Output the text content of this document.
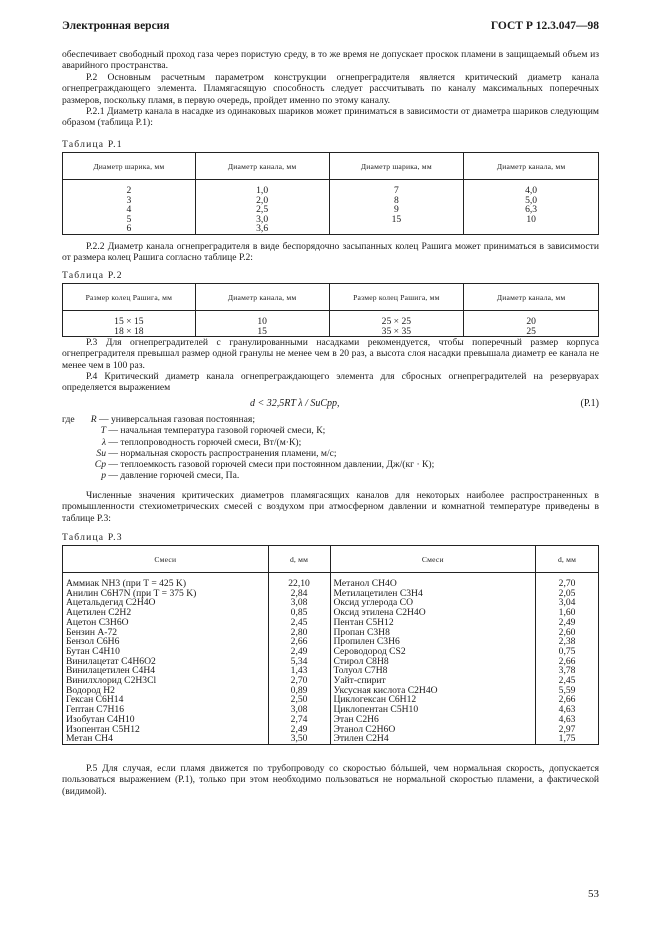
Электронная версия	ГОСТ Р 12.3.047—98
обеспечивает свободный проход газа через пористую среду, в то же время не допускает проскок пламени в защищаемый объем из аварийного пространства.
Р.2 Основным расчетным параметром конструкции огнепреградителя является критический диаметр канала огнепреграждающего элемента. Пламягасящую способность следует рассчитывать по каналу максимальных поперечных размеров, поскольку пламя, в первую очередь, пройдет именно по этому каналу.
Р.2.1 Диаметр канала в насадке из одинаковых шариков может приниматься в зависимости от диаметра шариков следующим образом (таблица Р.1):
Таблица Р.1
Диаметр шарика, мм	Диаметр канала, мм	Диаметр шарика, мм	Диаметр канала, мм
2	1,0	7	4,0
3	2,0	8	5,0
4	2,5	9	6,3
5	3,0	15	10
6	3,6		
Р.2.2 Диаметр канала огнепреградителя в виде беспорядочно засыпанных колец Рашига может приниматься в зависимости от размера колец Рашига согласно таблице Р.2:
Таблица Р.2
Размер колец Рашига, мм	Диаметр канала, мм	Размер колец Рашига, мм	Диаметр канала, мм
15 × 15	10	25 × 25	20
18 × 18	15	35 × 35	25
Р.3 Для огнепреградителей с гранулированными насадками рекомендуется, чтобы поперечный размер корпуса огнепреградителя превышал размер одной гранулы не менее чем в 20 раз, а высота слоя насадки превышала диаметр ее канала не менее чем в 100 раз.
Р.4 Критический диаметр канала огнепреграждающего элемента для сбросных огнепреградителей на резервуарах определяется выражением
d < 32,5RT λ / SuCpp,	(Р.1)
где R — универсальная газовая постоянная;
T — начальная температура газовой горючей смеси, К;
λ — теплопроводность горючей смеси, Вт/(м·К);
Su — нормальная скорость распространения пламени, м/с;
Cp — теплоемкость газовой горючей смеси при постоянном давлении, Дж/(кг · К);
p — давление горючей смеси, Па.
Численные значения критических диаметров пламягасящих каналов для некоторых наиболее распространенных в промышленности стехиометрических смесей с воздухом при атмосферном давлении и комнатной температуре приведены в таблице Р.3:
Таблица Р.3
Смеси	d, мм	Смеси	d, мм
Аммиак NH3 (при T = 425 K)	22,10	Метанол CH4O	2,70
Анилин C6H7N (при T = 375 K)	2,84	Метилацетилен C3H4	2,05
Ацетальдегид C2H4O	3,08	Оксид углерода CO	3,04
Ацетилен C2H2	0,85	Оксид этилена C2H4O	1,60
Ацетон C3H6O	2,45	Пентан C5H12	2,49
Бензин А-72	2,80	Пропан C3H8	2,60
Бензол C6H6	2,66	Пропилен C3H6	2,38
Бутан C4H10	2,49	Сероводород CS2	0,75
Винилацетат C4H6O2	5,34	Стирол C8H8	2,66
Винилацетилен C4H4	1,43	Толуол C7H8	3,78
Винилхлорид C2H3Cl	2,70	Уайт-спирит	2,45
Водород H2	0,89	Уксусная кислота C2H4O	5,59
Гексан C6H14	2,50	Циклогексан C6H12	2,66
Гептан C7H16	3,08	Циклопентан C5H10	4,63
Изобутан C4H10	2,74	Этан C2H6	4,63
Изопентан C5H12	2,49	Этанол C2H6O	2,97
Метан CH4	3,50	Этилен C2H4	1,75
Р.5 Для случая, если пламя движется по трубопроводу со скоростью бóльшей, чем нормальная скорость, допускается пользоваться выражением (Р.1), только при этом необходимо пользоваться не нормальной скоростью пламени, а фактической (видимой).
53
